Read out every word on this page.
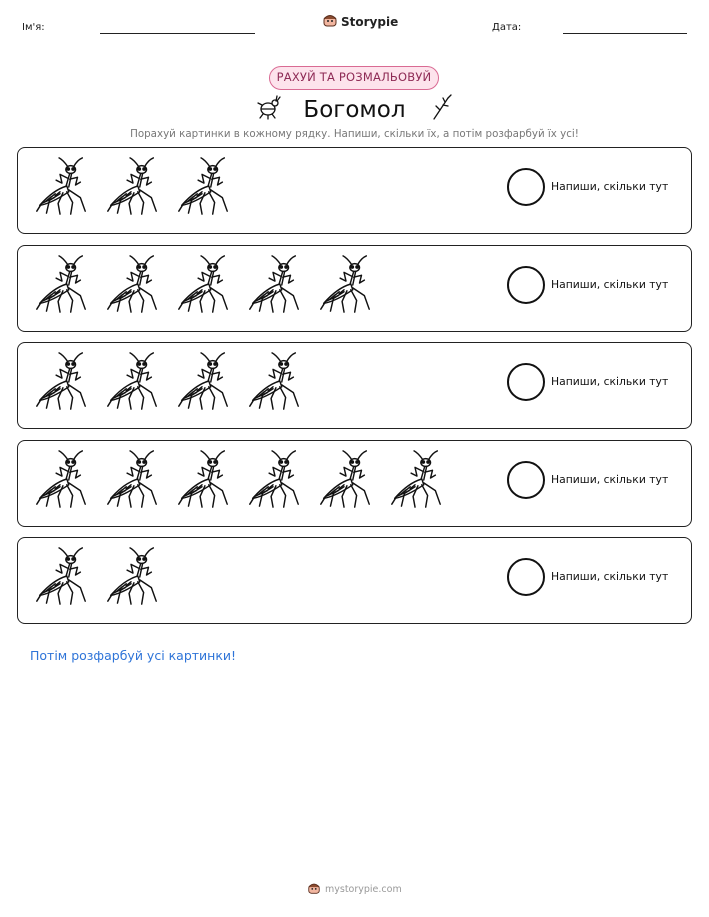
Ім'я:	Storypie	Дата:
РАХУЙ ТА РОЗМАЛЬОВУЙ
Богомол
Порахуй картинки в кожному рядку. Напиши, скільки їх, а потім розфарбуй їх усі!
Напиши, скільки тут
Напиши, скільки тут
Напиши, скільки тут
Напиши, скільки тут
Напиши, скільки тут
Потім розфарбуй усі картинки!
mystorypie.com
